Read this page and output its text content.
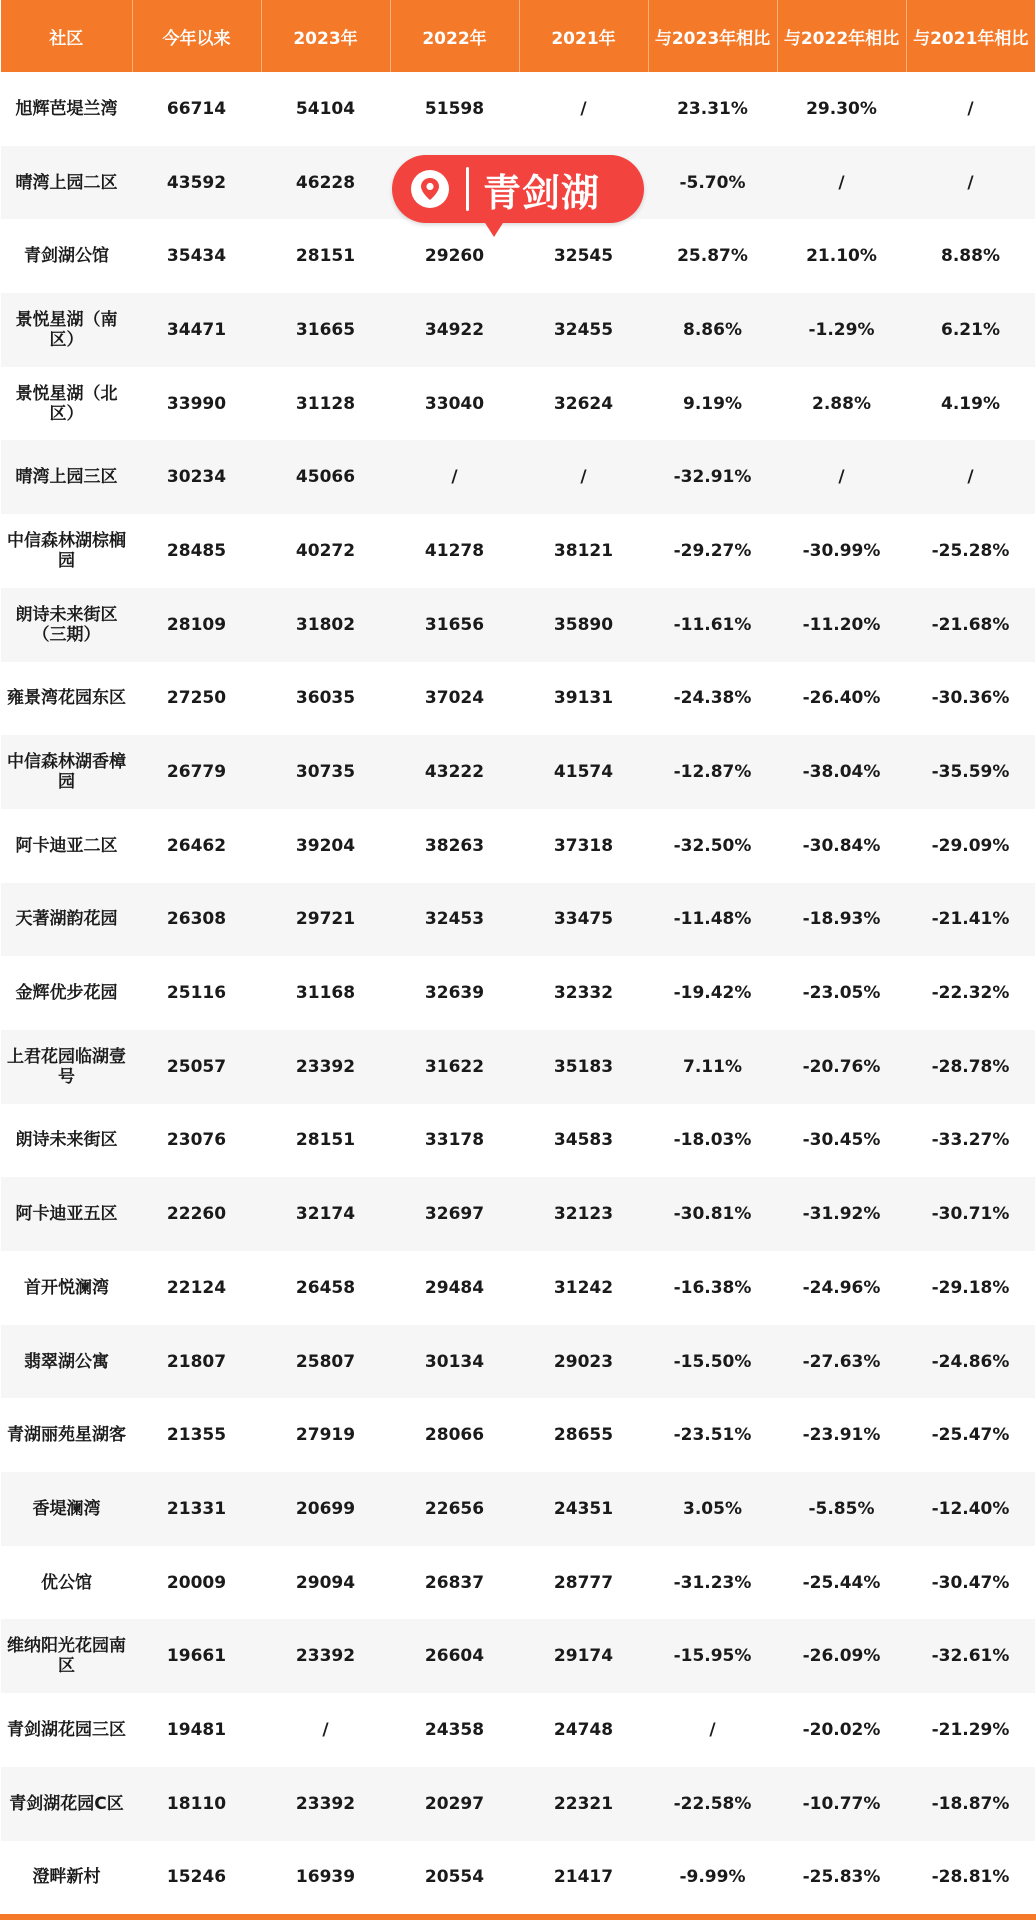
社区	今年以来	2023年	2022年	2021年	与2023年相比	与2022年相比	与2021年相比
旭辉芭堤兰湾	66714	54104	51598	/	23.31%	29.30%	/
晴湾上园二区	43592	46228			-5.70%	/	/
青剑湖公馆	35434	28151	29260	32545	25.87%	21.10%	8.88%
景悦星湖（南区）	34471	31665	34922	32455	8.86%	-1.29%	6.21%
景悦星湖（北区）	33990	31128	33040	32624	9.19%	2.88%	4.19%
晴湾上园三区	30234	45066	/	/	-32.91%	/	/
中信森林湖棕榈园	28485	40272	41278	38121	-29.27%	-30.99%	-25.28%
朗诗未来街区（三期）	28109	31802	31656	35890	-11.61%	-11.20%	-21.68%
雍景湾花园东区	27250	36035	37024	39131	-24.38%	-26.40%	-30.36%
中信森林湖香樟园	26779	30735	43222	41574	-12.87%	-38.04%	-35.59%
阿卡迪亚二区	26462	39204	38263	37318	-32.50%	-30.84%	-29.09%
天著湖韵花园	26308	29721	32453	33475	-11.48%	-18.93%	-21.41%
金辉优步花园	25116	31168	32639	32332	-19.42%	-23.05%	-22.32%
上君花园临湖壹号	25057	23392	31622	35183	7.11%	-20.76%	-28.78%
朗诗未来街区	23076	28151	33178	34583	-18.03%	-30.45%	-33.27%
阿卡迪亚五区	22260	32174	32697	32123	-30.81%	-31.92%	-30.71%
首开悦澜湾	22124	26458	29484	31242	-16.38%	-24.96%	-29.18%
翡翠湖公寓	21807	25807	30134	29023	-15.50%	-27.63%	-24.86%
青湖丽苑星湖客	21355	27919	28066	28655	-23.51%	-23.91%	-25.47%
香堤澜湾	21331	20699	22656	24351	3.05%	-5.85%	-12.40%
优公馆	20009	29094	26837	28777	-31.23%	-25.44%	-30.47%
维纳阳光花园南区	19661	23392	26604	29174	-15.95%	-26.09%	-32.61%
青剑湖花园三区	19481	/	24358	24748	/	-20.02%	-21.29%
青剑湖花园C区	18110	23392	20297	22321	-22.58%	-10.77%	-18.87%
澄畔新村	15246	16939	20554	21417	-9.99%	-25.83%	-28.81%
青剑湖
